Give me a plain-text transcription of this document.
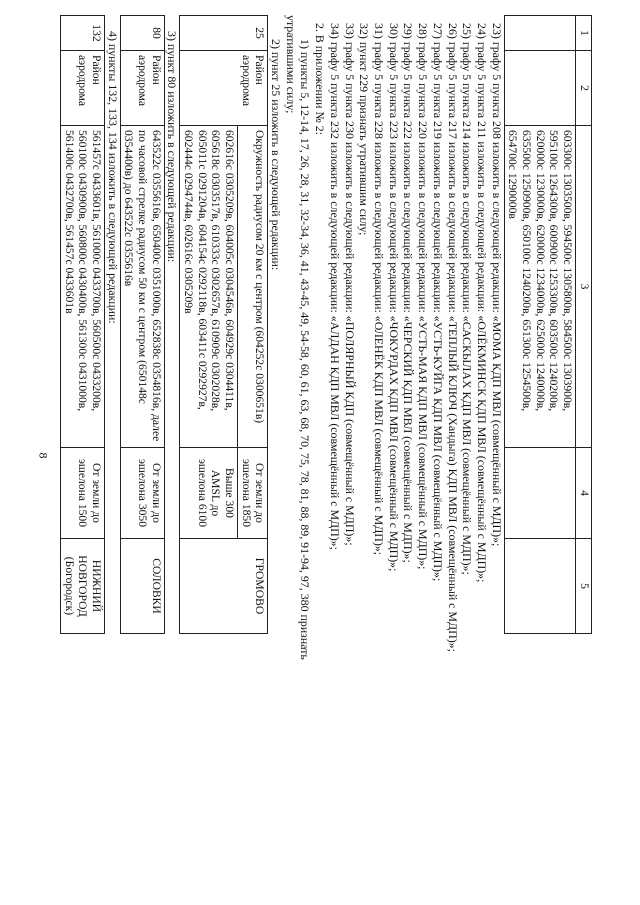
8
1	2	3	4	5
		603300с 1303500в, 594500с 1305800в, 584500с 1303900в, 595100с 1264300в, 600900с 1253300в, 603500с 1240200в, 620000с 1230000в, 620000с 1234000в, 625000с 1240000в, 635500с 1250900в, 650100с 1240200в, 651300с 1254500в, 654700с 1290000в		
23) графу 5 пункта 208 изложить в следующей редакции: «МОМА КДП МВЛ (совмещённый с МДП)»;
24) графу 5 пункта 211 изложить в следующей редакции: «ОЛЁКМИНСК КДП МВЛ (совмещённый с МДП)»;
25) графу 5 пункта 214 изложить в следующей редакции: «САСКЫЛАХ КДП МВЛ (совмещённый с МДП)»;
26) графу 5 пункта 217 изложить в следующей редакции: «ТЕПЛЫЙ КЛЮЧ (Хандыга) КДП МВЛ (совмещённый с МДП)»;
27) графу 5 пункта 219 изложить в следующей редакции: «УСТЬ-КУЙГА КДП МВЛ (совмещённый с МДП)»;
28) графу 5 пункта 220 изложить в следующей редакции: «УСТЬ-МАЯ КДП МВЛ (совмещённый с МДП)»;
29) графу 5 пункта 222 изложить в следующей редакции: «ЧЕРСКИЙ КДП МВЛ (совмещённый с МДП)»;
30) графу 5 пункта 223 изложить в следующей редакции: «ЧОКУРДАХ КДП МВЛ (совмещённый с МДП)»;
31) графу 5 пункта 228 изложить в следующей редакции: «ОЛЕНЁК КДП МВЛ (совмещённый с МДП)»;
32) пункт 229 признать утратившим силу;
33) графу 5 пункта 230 изложить в следующей редакции: «ПОЛЯРНЫЙ КДП (совмещённый с МДП)»;
34) графу 5 пункта 232 изложить в следующей редакции: «АЛДАН КДП МВЛ (совмещённый с МДП)»;
2. В приложении № 2:
1) пункты 5, 12-14, 17, 26, 28, 31, 32-34, 36, 41, 43-45, 49, 54-58, 60, 61, 63, 68, 70, 75, 78, 81, 88, 89, 91-94, 97, 380 признать
утратившими силу;
2) пункт 25 изложить в следующей редакции:
25	Район аэродрома	Окружность радиусом 20 км с центром (604252с 0300651в)	От земли до эшелона 1850	ГРОМОВО
		602616с 0305209в, 604005с 0304546в, 604929с 0304411в, 605618с 0303517в, 610333с 0302657в, 610909с 0302028в, 605011с 0291204в, 604154с 0292118в, 603411с 0292927в, 602444с 0294744в, 602616с 0305209в	Выше 300 AMSL до эшелона 6100	
3) пункт 80 изложить в следующей редакции:
80	Район аэродрома	643522с 0355616в, 650400с 0351000в, 652838с 0354816в, далее по часовой стрелке радиусом 50 км с центром (650148с 0354400в) до 643522с 0355616в	От земли до эшелона 3050	СОЛОВКИ
4) пункты 132, 133, 134 изложить в следующей редакции:
132	Район аэродрома	561457с 0433601в, 561000с 0433700в, 560500с 0433200в, 560100с 0430900в, 560800с 0430400в, 561300с 0431000в, 561400с 0432700в, 561457с 0433601в	От земли до эшелона 1500	НИЖНИЙ НОВГОРОД (Богородск)
